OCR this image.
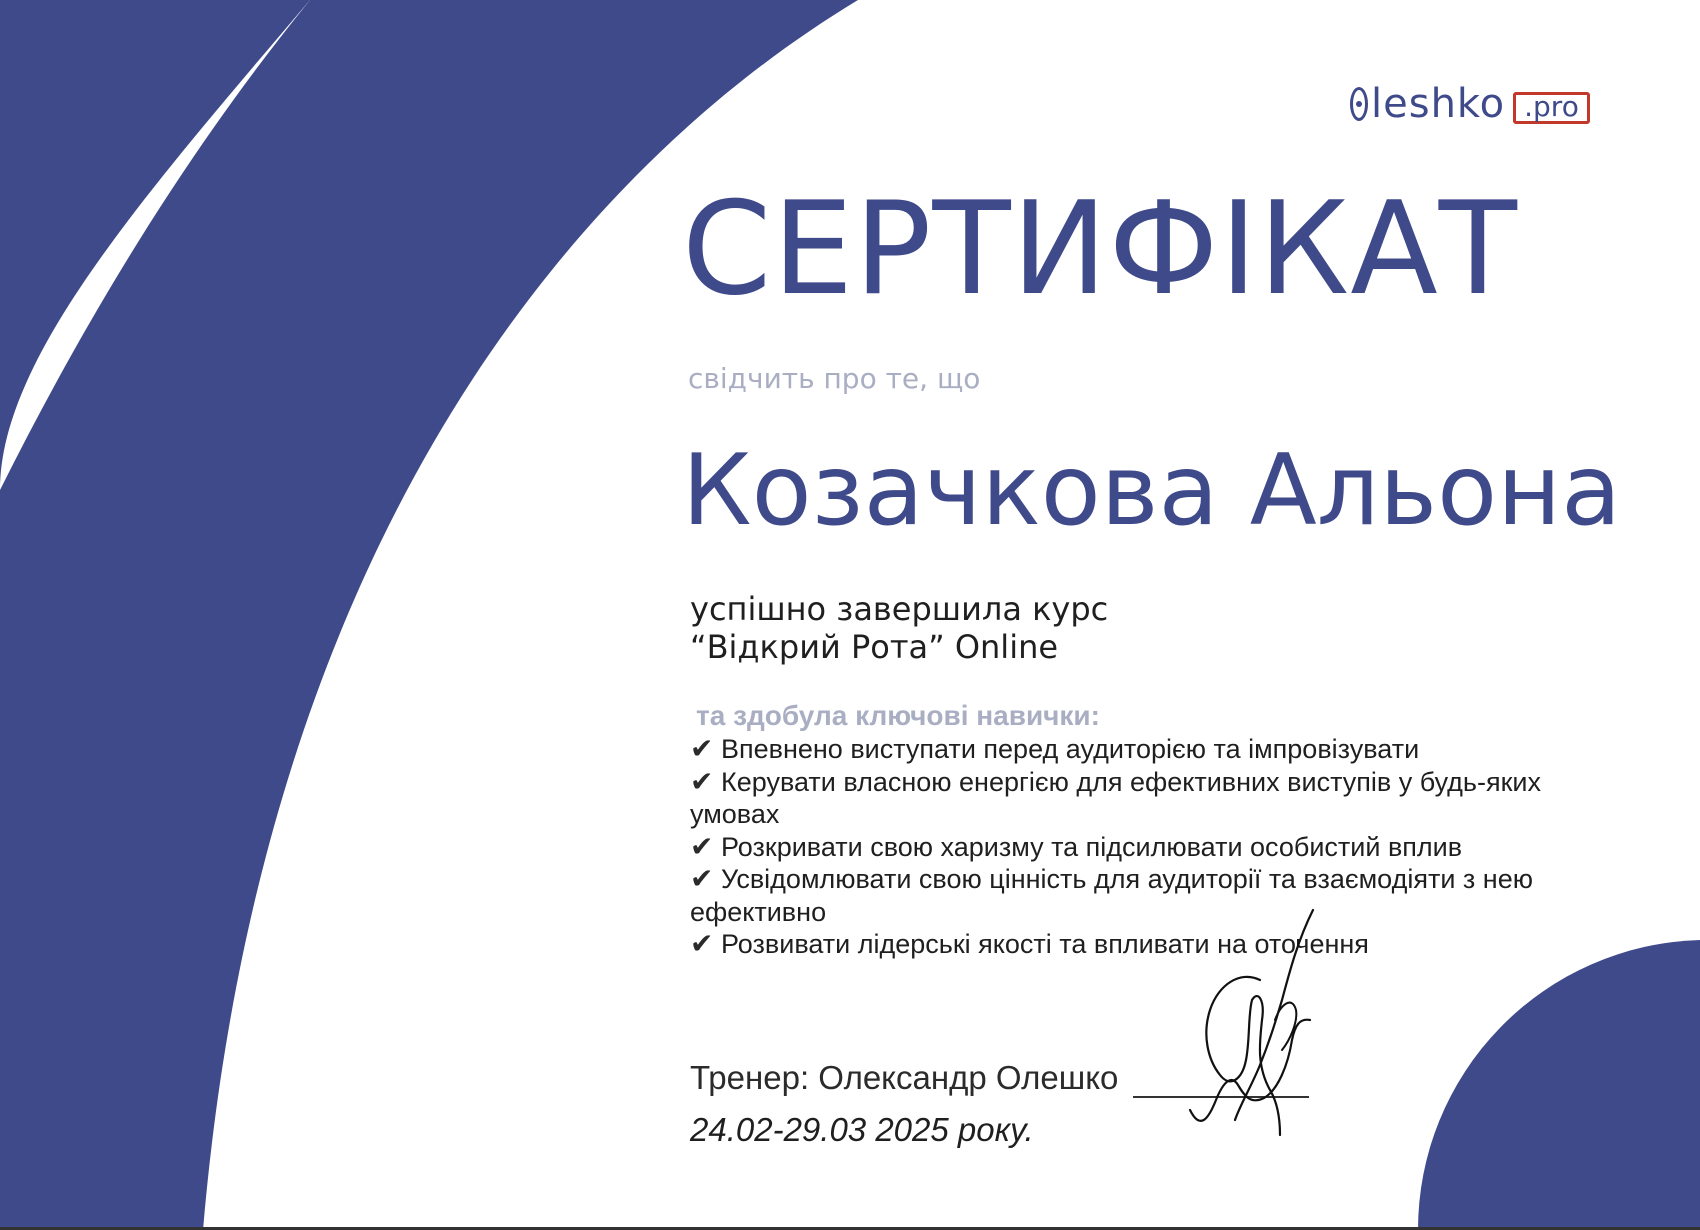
leshko .pro
СЕРТИФІКАТ
свідчить про те, що
Козачкова Альона
успішно завершила курс
“Відкрий Рота” Online
та здобула ключові навички:
✔ Впевнено виступати перед аудиторією та імпровізувати
✔ Керувати власною енергією для ефективних виступів у будь-яких умовах
✔ Розкривати свою харизму та підсилювати особистий вплив
✔ Усвідомлювати свою цінність для аудиторії та взаємодіяти з нею ефективно
✔ Розвивати лідерські якості та впливати на оточення
Тренер: Олександр Олешко
24.02-29.03 2025 року.
